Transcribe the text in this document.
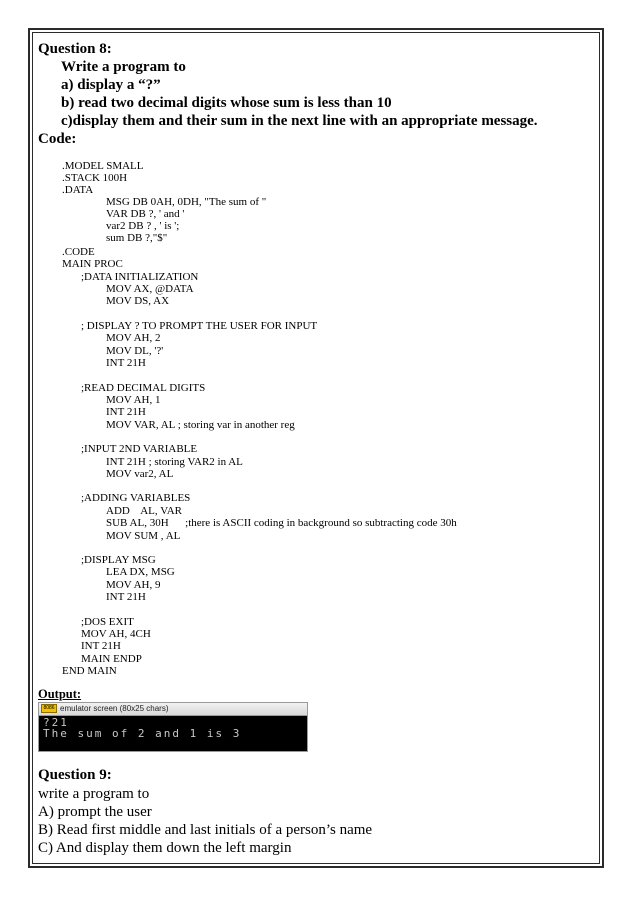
Question 8:
Write a program to
a) display a “?”
b) read two decimal digits whose sum is less than 10
c)display them and their sum in the next line with an appropriate message.
Code:
.MODEL SMALL
.STACK 100H
.DATA
MSG DB 0AH, 0DH, "The sum of "
VAR DB ?, ' and '
var2 DB ? , ' is ';
sum DB ?,"$"
.CODE
MAIN PROC
;DATA INITIALIZATION
MOV AX, @DATA
MOV DS, AX
; DISPLAY ? TO PROMPT THE USER FOR INPUT
MOV AH, 2
MOV DL, '?'
INT 21H
;READ DECIMAL DIGITS
MOV AH, 1
INT 21H
MOV VAR, AL ; storing var in another reg
;INPUT 2ND VARIABLE
INT 21H ; storing VAR2 in AL
MOV var2, AL
;ADDING VARIABLES
ADD    AL, VAR
SUB AL, 30H      ;there is ASCII coding in background so subtracting code 30h
MOV SUM , AL
;DISPLAY MSG
LEA DX, MSG
MOV AH, 9
INT 21H
;DOS EXIT
MOV AH, 4CH
INT 21H
MAIN ENDP
END MAIN
Output:
8086 emulator screen (80x25 chars)
?21
The sum of 2 and 1 is 3
Question 9:
write a program to
A) prompt the user
B) Read first middle and last initials of a person’s name
C) And display them down the left margin
